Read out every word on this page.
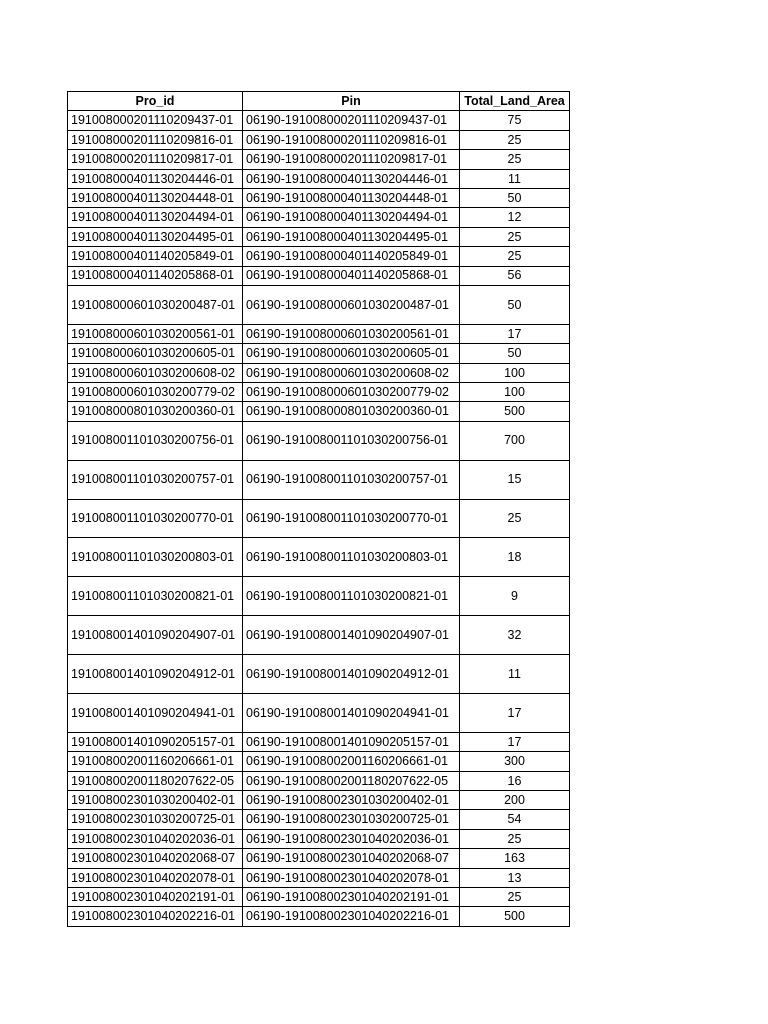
Pro_id	Pin	Total_Land_Area
191008000201110209437-01	06190-191008000201110209437-01	75
191008000201110209816-01	06190-191008000201110209816-01	25
191008000201110209817-01	06190-191008000201110209817-01	25
191008000401130204446-01	06190-191008000401130204446-01	11
191008000401130204448-01	06190-191008000401130204448-01	50
191008000401130204494-01	06190-191008000401130204494-01	12
191008000401130204495-01	06190-191008000401130204495-01	25
191008000401140205849-01	06190-191008000401140205849-01	25
191008000401140205868-01	06190-191008000401140205868-01	56
191008000601030200487-01	06190-191008000601030200487-01	50
191008000601030200561-01	06190-191008000601030200561-01	17
191008000601030200605-01	06190-191008000601030200605-01	50
191008000601030200608-02	06190-191008000601030200608-02	100
191008000601030200779-02	06190-191008000601030200779-02	100
191008000801030200360-01	06190-191008000801030200360-01	500
191008001101030200756-01	06190-191008001101030200756-01	700
191008001101030200757-01	06190-191008001101030200757-01	15
191008001101030200770-01	06190-191008001101030200770-01	25
191008001101030200803-01	06190-191008001101030200803-01	18
191008001101030200821-01	06190-191008001101030200821-01	9
191008001401090204907-01	06190-191008001401090204907-01	32
191008001401090204912-01	06190-191008001401090204912-01	11
191008001401090204941-01	06190-191008001401090204941-01	17
191008001401090205157-01	06190-191008001401090205157-01	17
191008002001160206661-01	06190-191008002001160206661-01	300
191008002001180207622-05	06190-191008002001180207622-05	16
191008002301030200402-01	06190-191008002301030200402-01	200
191008002301030200725-01	06190-191008002301030200725-01	54
191008002301040202036-01	06190-191008002301040202036-01	25
191008002301040202068-07	06190-191008002301040202068-07	163
191008002301040202078-01	06190-191008002301040202078-01	13
191008002301040202191-01	06190-191008002301040202191-01	25
191008002301040202216-01	06190-191008002301040202216-01	500
